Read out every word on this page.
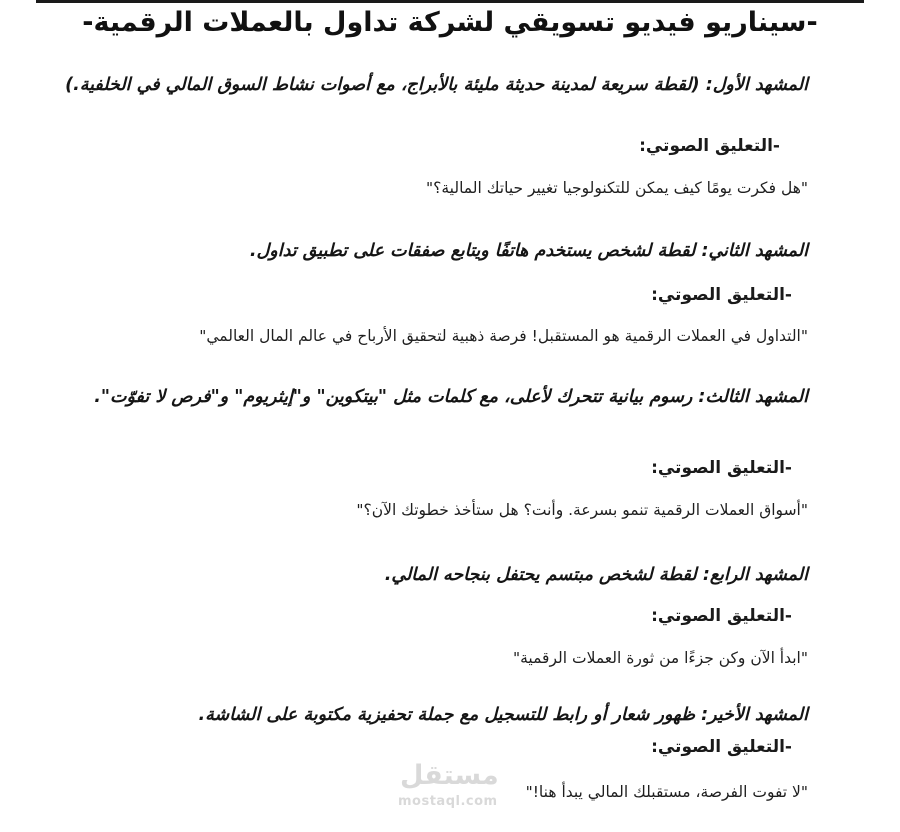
-سيناريو فيديو تسويقي لشركة تداول بالعملات الرقمية-
المشهد الأول: (لقطة سريعة لمدينة حديثة مليئة بالأبراج، مع أصوات نشاط السوق المالي في الخلفية.)
-التعليق الصوتي:
"هل فكرت يومًا كيف يمكن للتكنولوجيا تغيير حياتك المالية؟"
المشهد الثاني: لقطة لشخص يستخدم هاتفًا ويتابع صفقات على تطبيق تداول.
-التعليق الصوتي:
"التداول في العملات الرقمية هو المستقبل! فرصة ذهبية لتحقيق الأرباح في عالم المال العالمي"
المشهد الثالث: رسوم بيانية تتحرك لأعلى، مع كلمات مثل "بيتكوين" و"إيثريوم" و"فرص لا تفوّت".
-التعليق الصوتي:
"أسواق العملات الرقمية تنمو بسرعة. وأنت؟ هل ستأخذ خطوتك الآن؟"
المشهد الرابع: لقطة لشخص مبتسم يحتفل بنجاحه المالي.
-التعليق الصوتي:
"ابدأ الآن وكن جزءًا من ثورة العملات الرقمية"
المشهد الأخير: ظهور شعار أو رابط للتسجيل مع جملة تحفيزية مكتوبة على الشاشة.
-التعليق الصوتي:
"لا تفوت الفرصة، مستقبلك المالي يبدأ هنا!"
مستقل
mostaql.com
